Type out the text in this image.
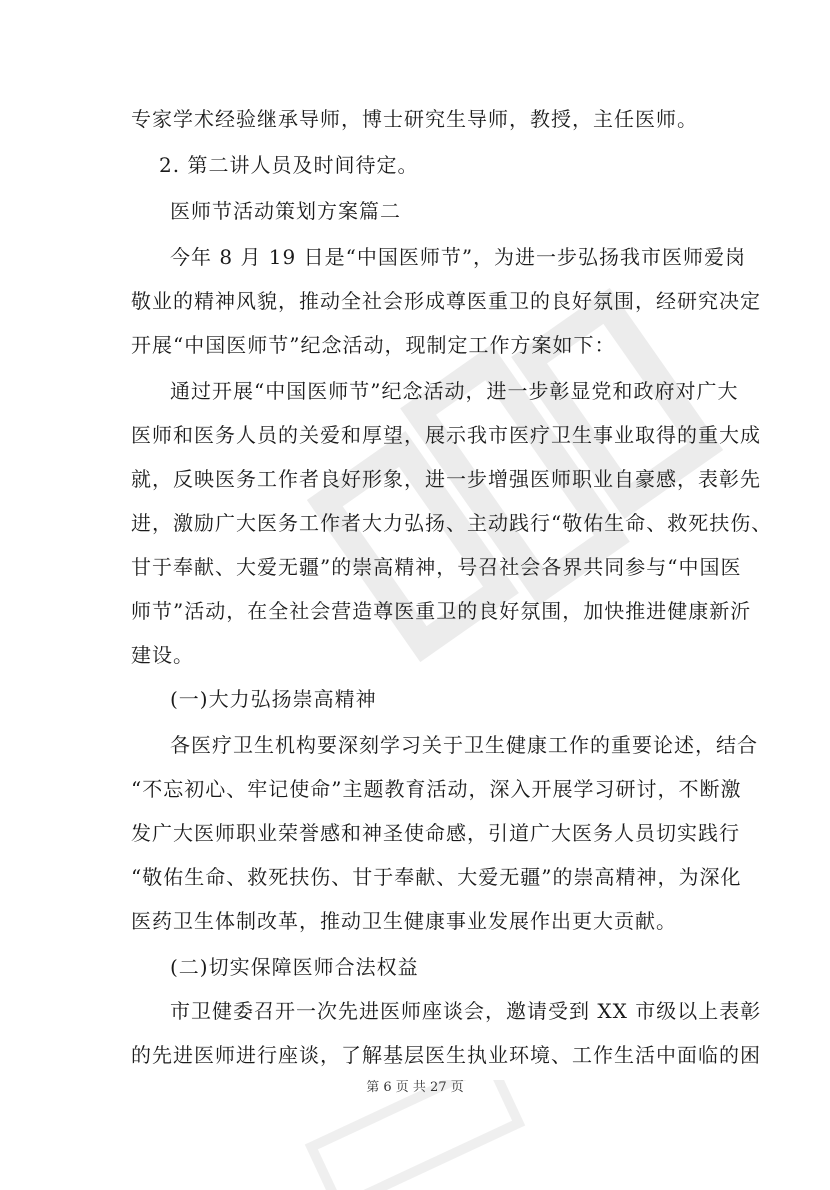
专家学术经验继承导师，博士研究生导师，教授，主任医师。
2. 第二讲人员及时间待定。
医师节活动策划方案篇二
今年 8 月 19 日是“中国医师节”，为进一步弘扬我市医师爱岗
敬业的精神风貌，推动全社会形成尊医重卫的良好氛围，经研究决定
开展“中国医师节”纪念活动，现制定工作方案如下：
通过开展“中国医师节”纪念活动，进一步彰显党和政府对广大
医师和医务人员的关爱和厚望，展示我市医疗卫生事业取得的重大成
就，反映医务工作者良好形象，进一步增强医师职业自豪感，表彰先
进，激励广大医务工作者大力弘扬、主动践行“敬佑生命、救死扶伤、
甘于奉献、大爱无疆”的崇高精神，号召社会各界共同参与“中国医
师节”活动，在全社会营造尊医重卫的良好氛围，加快推进健康新沂
建设。
(一)大力弘扬崇高精神
各医疗卫生机构要深刻学习关于卫生健康工作的重要论述，结合
“不忘初心、牢记使命”主题教育活动，深入开展学习研讨，不断激
发广大医师职业荣誉感和神圣使命感，引道广大医务人员切实践行
“敬佑生命、救死扶伤、甘于奉献、大爱无疆”的崇高精神，为深化
医药卫生体制改革，推动卫生健康事业发展作出更大贡献。
(二)切实保障医师合法权益
市卫健委召开一次先进医师座谈会，邀请受到 XX 市级以上表彰
的先进医师进行座谈，了解基层医生执业环境、工作生活中面临的困
第 6 页 共 27 页
